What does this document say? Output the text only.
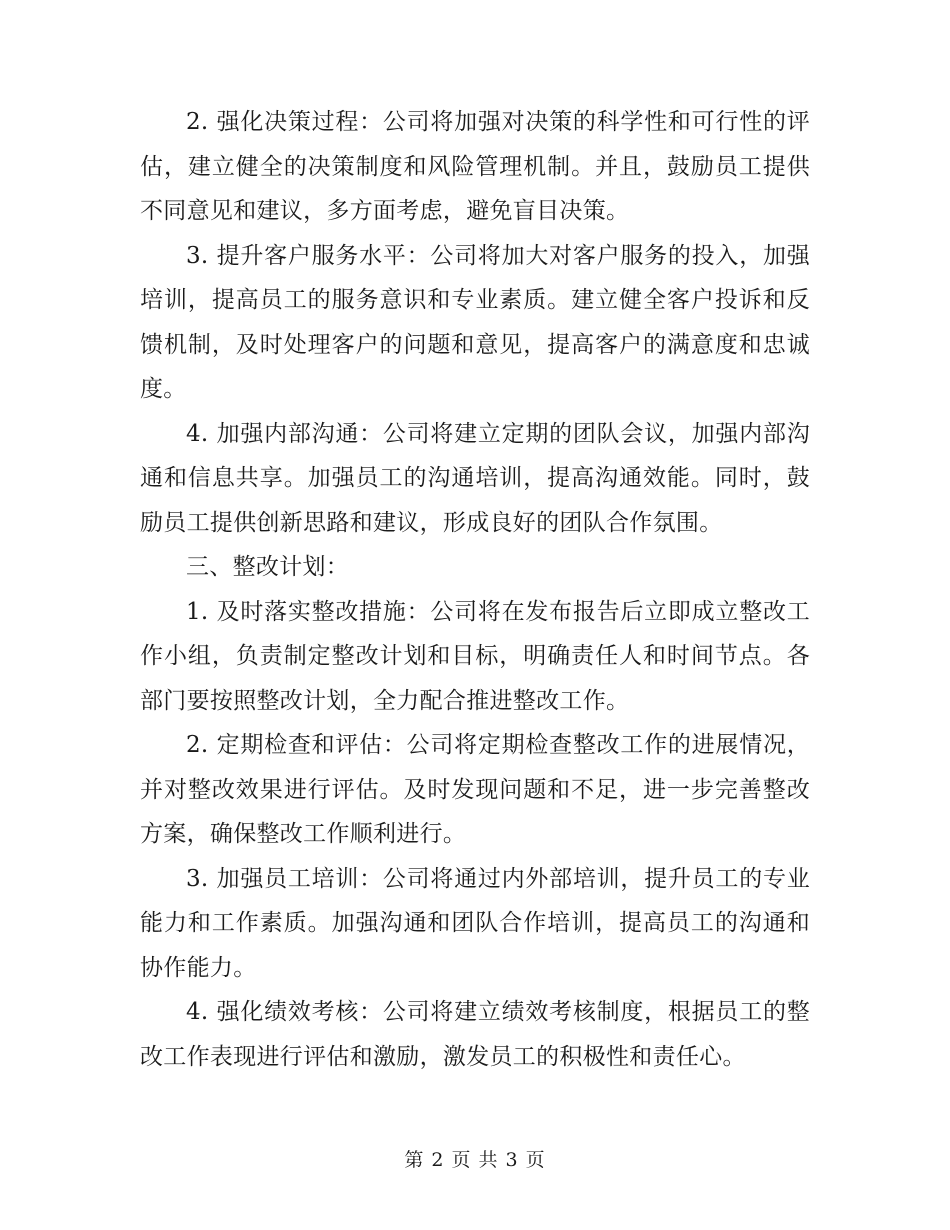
2. 强化决策过程：公司将加强对决策的科学性和可行性的评估，建立健全的决策制度和风险管理机制。并且，鼓励员工提供不同意见和建议，多方面考虑，避免盲目决策。

3. 提升客户服务水平：公司将加大对客户服务的投入，加强培训，提高员工的服务意识和专业素质。建立健全客户投诉和反馈机制，及时处理客户的问题和意见，提高客户的满意度和忠诚度。

4. 加强内部沟通：公司将建立定期的团队会议，加强内部沟通和信息共享。加强员工的沟通培训，提高沟通效能。同时，鼓励员工提供创新思路和建议，形成良好的团队合作氛围。

三、整改计划：

1. 及时落实整改措施：公司将在发布报告后立即成立整改工作小组，负责制定整改计划和目标，明确责任人和时间节点。各部门要按照整改计划，全力配合推进整改工作。

2. 定期检查和评估：公司将定期检查整改工作的进展情况，并对整改效果进行评估。及时发现问题和不足，进一步完善整改方案，确保整改工作顺利进行。

3. 加强员工培训：公司将通过内外部培训，提升员工的专业能力和工作素质。加强沟通和团队合作培训，提高员工的沟通和协作能力。

4. 强化绩效考核：公司将建立绩效考核制度，根据员工的整改工作表现进行评估和激励，激发员工的积极性和责任心。

第 2 页 共 3 页
